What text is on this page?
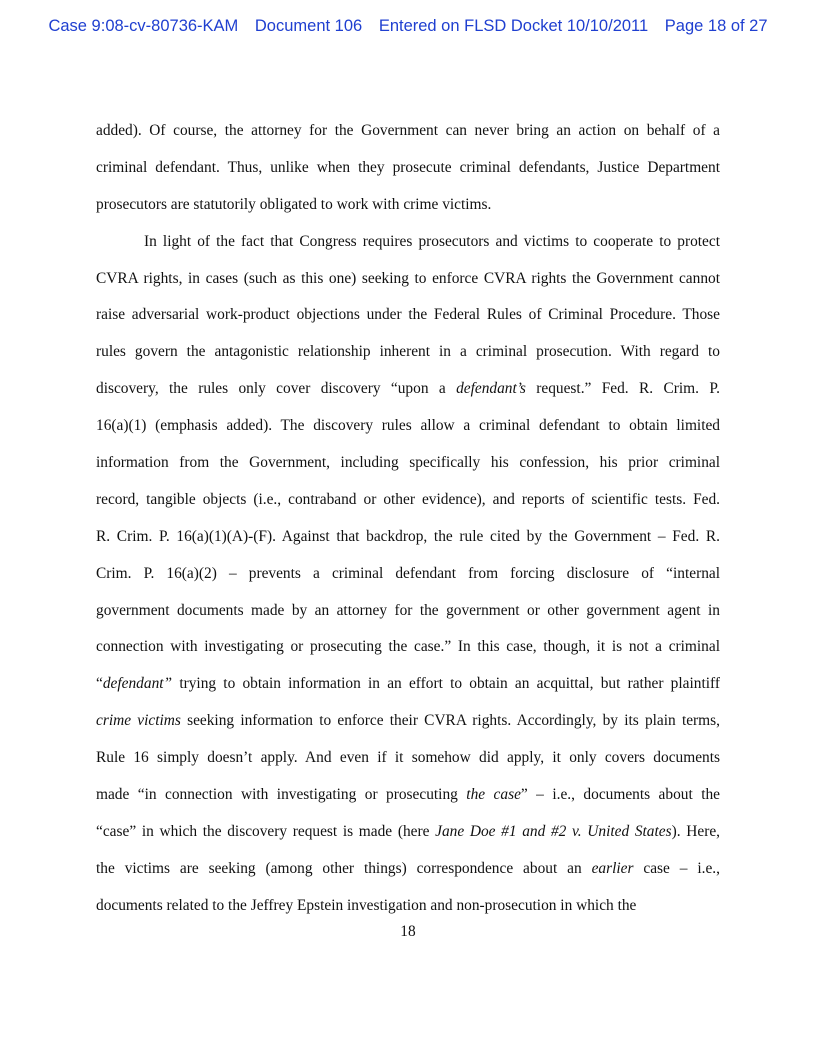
Case 9:08-cv-80736-KAM Document 106 Entered on FLSD Docket 10/10/2011 Page 18 of 27
added). Of course, the attorney for the Government can never bring an action on behalf of a
criminal defendant. Thus, unlike when they prosecute criminal defendants, Justice Department
prosecutors are statutorily obligated to work with crime victims.
In light of the fact that Congress requires prosecutors and victims to cooperate to protect
CVRA rights, in cases (such as this one) seeking to enforce CVRA rights the Government cannot
raise adversarial work-product objections under the Federal Rules of Criminal Procedure. Those
rules govern the antagonistic relationship inherent in a criminal prosecution. With regard to
discovery, the rules only cover discovery “upon a defendant’s request.” Fed. R. Crim. P.
16(a)(1) (emphasis added). The discovery rules allow a criminal defendant to obtain limited
information from the Government, including specifically his confession, his prior criminal
record, tangible objects (i.e., contraband or other evidence), and reports of scientific tests. Fed.
R. Crim. P. 16(a)(1)(A)-(F). Against that backdrop, the rule cited by the Government – Fed. R.
Crim. P. 16(a)(2) – prevents a criminal defendant from forcing disclosure of “internal
government documents made by an attorney for the government or other government agent in
connection with investigating or prosecuting the case.” In this case, though, it is not a criminal
“defendant” trying to obtain information in an effort to obtain an acquittal, but rather plaintiff
crime victims seeking information to enforce their CVRA rights. Accordingly, by its plain terms,
Rule 16 simply doesn’t apply. And even if it somehow did apply, it only covers documents
made “in connection with investigating or prosecuting the case” – i.e., documents about the
“case” in which the discovery request is made (here Jane Doe #1 and #2 v. United States). Here,
the victims are seeking (among other things) correspondence about an earlier case – i.e.,
documents related to the Jeffrey Epstein investigation and non-prosecution in which the
18
